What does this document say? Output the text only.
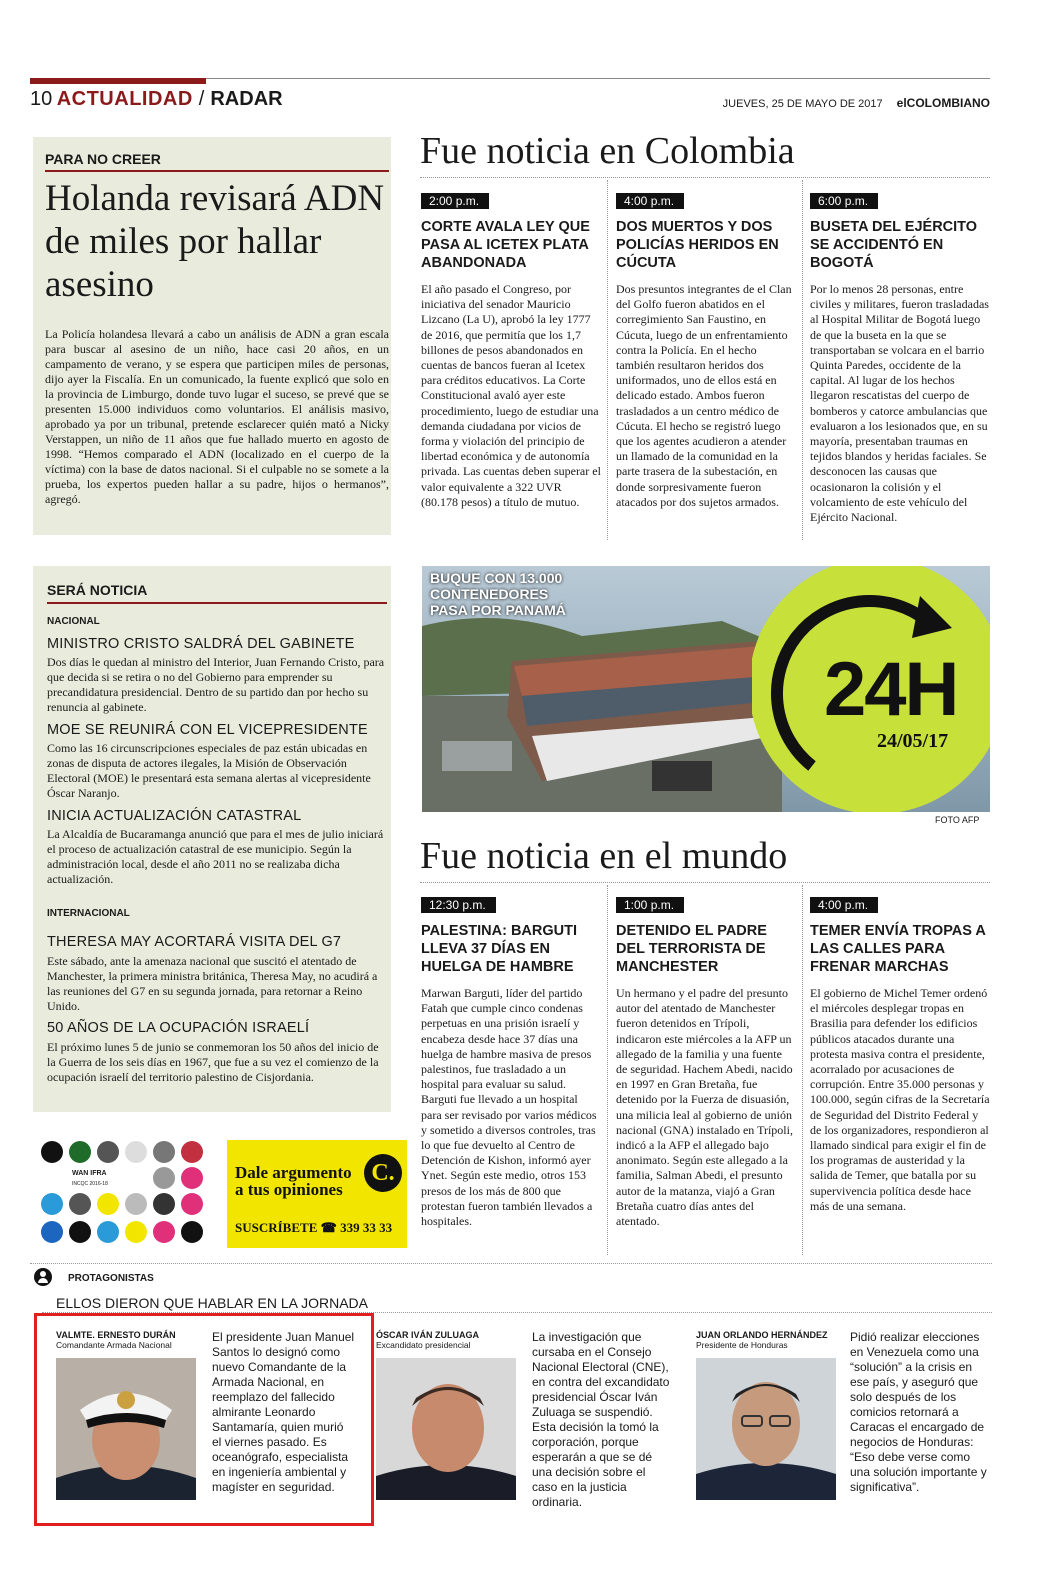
10 ACTUALIDAD / RADAR	JUEVES, 25 DE MAYO DE 2017 elCOLOMBIANO
PARA NO CREER
Holanda revisará ADN de miles por hallar asesino
La Policía holandesa llevará a cabo un análisis de ADN a gran escala para buscar al asesino de un niño, hace casi 20 años, en un campamento de verano, y se espera que participen miles de personas, dijo ayer la Fiscalía. En un comunicado, la fuente explicó que solo en la provincia de Limburgo, donde tuvo lugar el suceso, se prevé que se presenten 15.000 individuos como voluntarios. El análisis masivo, aprobado ya por un tribunal, pretende esclarecer quién mató a Nicky Verstappen, un niño de 11 años que fue hallado muerto en agosto de 1998. “Hemos comparado el ADN (localizado en el cuerpo de la víctima) con la base de datos nacional. Si el culpable no se somete a la prueba, los expertos pueden hallar a su padre, hijos o hermanos”, agregó.
Fue noticia en Colombia
2:00 p.m.
CORTE AVALA LEY QUE PASA AL ICETEX PLATA ABANDONADA
El año pasado el Congreso, por iniciativa del senador Mauricio Lizcano (La U), aprobó la ley 1777 de 2016, que permitía que los 1,7 billones de pesos abandonados en cuentas de bancos fueran al Icetex para créditos educativos. La Corte Constitucional avaló ayer este procedimiento, luego de estudiar una demanda ciudadana por vicios de forma y violación del principio de libertad económica y de autonomía privada. Las cuentas deben superar el valor equivalente a 322 UVR (80.178 pesos) a título de mutuo.
4:00 p.m.
DOS MUERTOS Y DOS POLICÍAS HERIDOS EN CÚCUTA
Dos presuntos integrantes de el Clan del Golfo fueron abatidos en el corregimiento San Faustino, en Cúcuta, luego de un enfrentamiento contra la Policía. En el hecho también resultaron heridos dos uniformados, uno de ellos está en delicado estado. Ambos fueron trasladados a un centro médico de Cúcuta. El hecho se registró luego que los agentes acudieron a atender un llamado de la comunidad en la parte trasera de la subestación, en donde sorpresivamente fueron atacados por dos sujetos armados.
6:00 p.m.
BUSETA DEL EJÉRCITO SE ACCIDENTÓ EN BOGOTÁ
Por lo menos 28 personas, entre civiles y militares, fueron trasladadas al Hospital Militar de Bogotá luego de que la buseta en la que se transportaban se volcara en el barrio Quinta Paredes, occidente de la capital. Al lugar de los hechos llegaron rescatistas del cuerpo de bomberos y catorce ambulancias que evaluaron a los lesionados que, en su mayoría, presentaban traumas en tejidos blandos y heridas faciales. Se desconocen las causas que ocasionaron la colisión y el volcamiento de este vehículo del Ejército Nacional.
SERÁ NOTICIA
NACIONAL
MINISTRO CRISTO SALDRÁ DEL GABINETE
Dos días le quedan al ministro del Interior, Juan Fernando Cristo, para que decida si se retira o no del Gobierno para emprender su precandidatura presidencial. Dentro de su partido dan por hecho su renuncia al gabinete.
MOE SE REUNIRÁ CON EL VICEPRESIDENTE
Como las 16 circunscripciones especiales de paz están ubicadas en zonas de disputa de actores ilegales, la Misión de Observación Electoral (MOE) le presentará esta semana alertas al vicepresidente Óscar Naranjo.
INICIA ACTUALIZACIÓN CATASTRAL
La Alcaldía de Bucaramanga anunció que para el mes de julio iniciará el proceso de actualización catastral de ese municipio. Según la administración local, desde el año 2011 no se realizaba dicha actualización.
INTERNACIONAL
THERESA MAY ACORTARÁ VISITA DEL G7
Este sábado, ante la amenaza nacional que suscitó el atentado de Manchester, la primera ministra británica, Theresa May, no acudirá a las reuniones del G7 en su segunda jornada, para retornar a Reino Unido.
50 AÑOS DE LA OCUPACIÓN ISRAELÍ
El próximo lunes 5 de junio se conmemoran los 50 años del inicio de la Guerra de los seis días en 1967, que fue a su vez el comienzo de la ocupación israelí del territorio palestino de Cisjordania.
24H
24/05/17
BUQUE CON 13.000
CONTENEDORES
PASA POR PANAMÁ
FOTO AFP
Fue noticia en el mundo
12:30 p.m.
PALESTINA: BARGUTI LLEVA 37 DÍAS EN HUELGA DE HAMBRE
Marwan Barguti, líder del partido Fatah que cumple cinco condenas perpetuas en una prisión israelí y encabeza desde hace 37 días una huelga de hambre masiva de presos palestinos, fue trasladado a un hospital para evaluar su salud. Barguti fue llevado a un hospital para ser revisado por varios médicos y sometido a diversos controles, tras lo que fue devuelto al Centro de Detención de Kishon, informó ayer Ynet. Según este medio, otros 153 presos de los más de 800 que protestan fueron también llevados a hospitales.
1:00 p.m.
DETENIDO EL PADRE DEL TERRORISTA DE MANCHESTER
Un hermano y el padre del presunto autor del atentado de Manchester fueron detenidos en Trípoli, indicaron este miércoles a la AFP un allegado de la familia y una fuente de seguridad. Hachem Abedi, nacido en 1997 en Gran Bretaña, fue detenido por la Fuerza de disuasión, una milicia leal al gobierno de unión nacional (GNA) instalado en Trípoli, indicó a la AFP el allegado bajo anonimato. Según este allegado a la familia, Salman Abedi, el presunto autor de la matanza, viajó a Gran Bretaña cuatro días antes del atentado.
4:00 p.m.
TEMER ENVÍA TROPAS A LAS CALLES PARA FRENAR MARCHAS
El gobierno de Michel Temer ordenó el miércoles desplegar tropas en Brasilia para defender los edificios públicos atacados durante una protesta masiva contra el presidente, acorralado por acusaciones de corrupción. Entre 35.000 personas y 100.000, según cifras de la Secretaría de Seguridad del Distrito Federal y de los organizadores, respondieron al llamado sindical para exigir el fin de los programas de austeridad y la salida de Temer, que batalla por su supervivencia política desde hace más de una semana.
WAN IFRA
INCQC 2016-18
Dale argumento
a tus opiniones
C.
SUSCRÍBETE ☎ 339 33 33
PROTAGONISTAS
ELLOS DIERON QUE HABLAR EN LA JORNADA
VALMTE. ERNESTO DURÁN
Comandante Armada Nacional
El presidente Juan Manuel Santos lo designó como nuevo Comandante de la Armada Nacional, en reemplazo del fallecido almirante Leonardo Santamaría, quien murió el viernes pasado. Es oceanógrafo, especialista en ingeniería ambiental y magíster en seguridad.
ÓSCAR IVÁN ZULUAGA
Excandidato presidencial
La investigación que cursaba en el Consejo Nacional Electoral (CNE), en contra del excandidato presidencial Óscar Iván Zuluaga se suspendió. Esta decisión la tomó la corporación, porque esperarán a que se dé una decisión sobre el caso en la justicia ordinaria.
JUAN ORLANDO HERNÁNDEZ
Presidente de Honduras
Pidió realizar elecciones en Venezuela como una “solución” a la crisis en ese país, y aseguró que solo después de los comicios retornará a Caracas el encargado de negocios de Honduras: “Eso debe verse como una solución importante y significativa”.
